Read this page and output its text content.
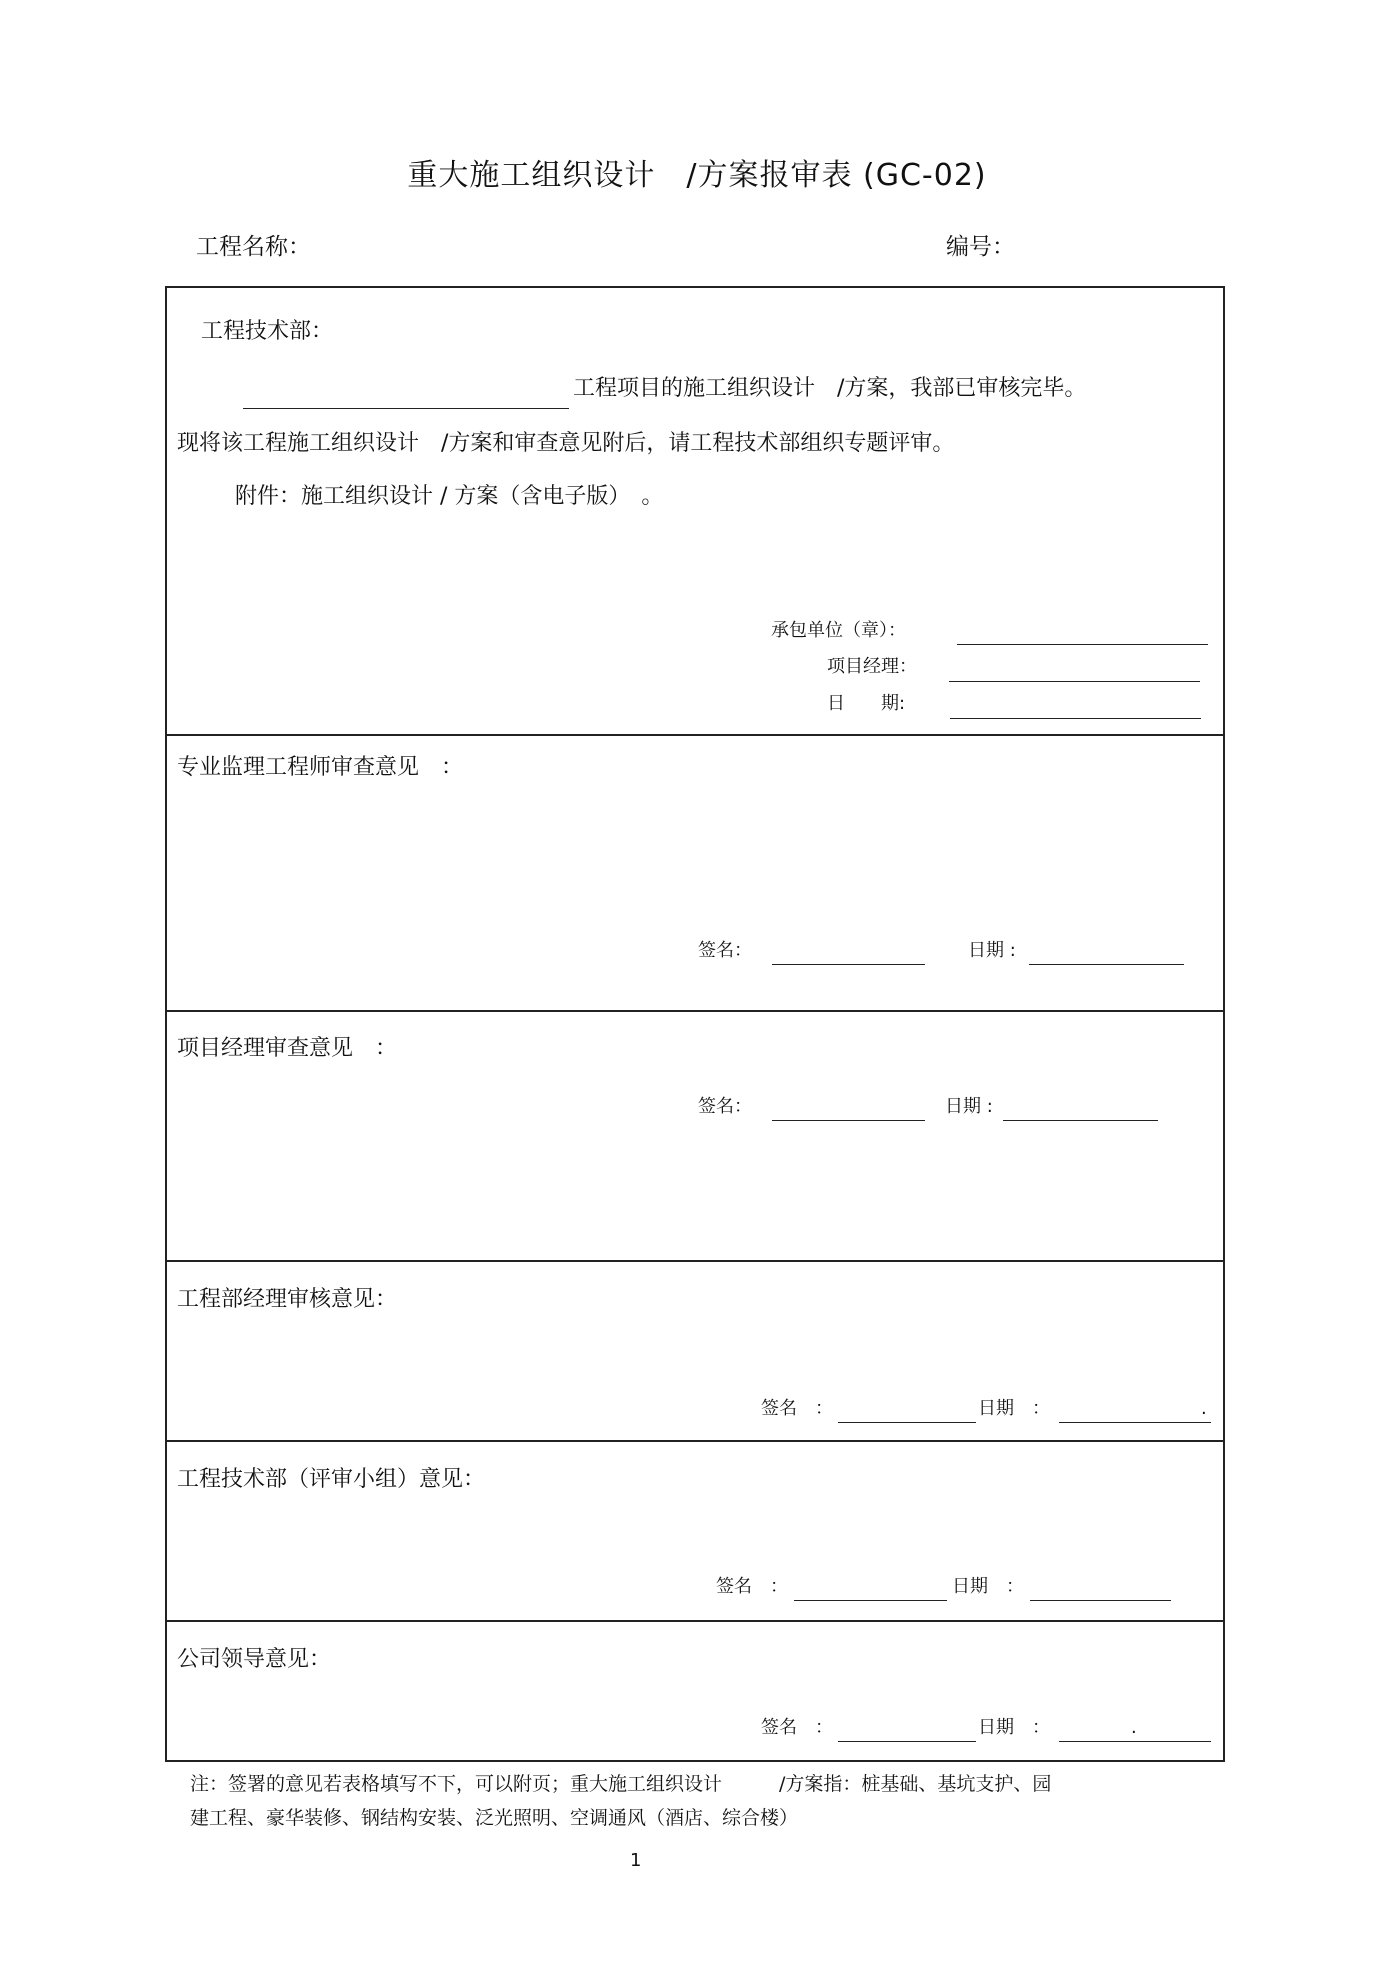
重大施工组织设计　/方案报审表 (GC-02)
工程名称：	编号：
工程技术部：
工程项目的施工组织设计　/方案，我部已审核完毕。
现将该工程施工组织设计　/方案和审查意见附后，请工程技术部组织专题评审。
附件：施工组织设计 / 方案（含电子版）　。
承包单位（章）：
项目经理：
日　　期:
专业监理工程师审查意见　：
签名：	日期 :
项目经理审查意见　：
签名：	日期 :
工程部经理审核意见：
签名　：	日期　：	.
工程技术部（评审小组）意见：
签名　：	日期　：
公司领导意见：
签名　：	日期　：	.
注：签署的意见若表格填写不下，可以附页；重大施工组织设计　　　/方案指：桩基础、基坑支护、园
建工程、豪华装修、钢结构安装、泛光照明、空调通风（酒店、综合楼）
1
